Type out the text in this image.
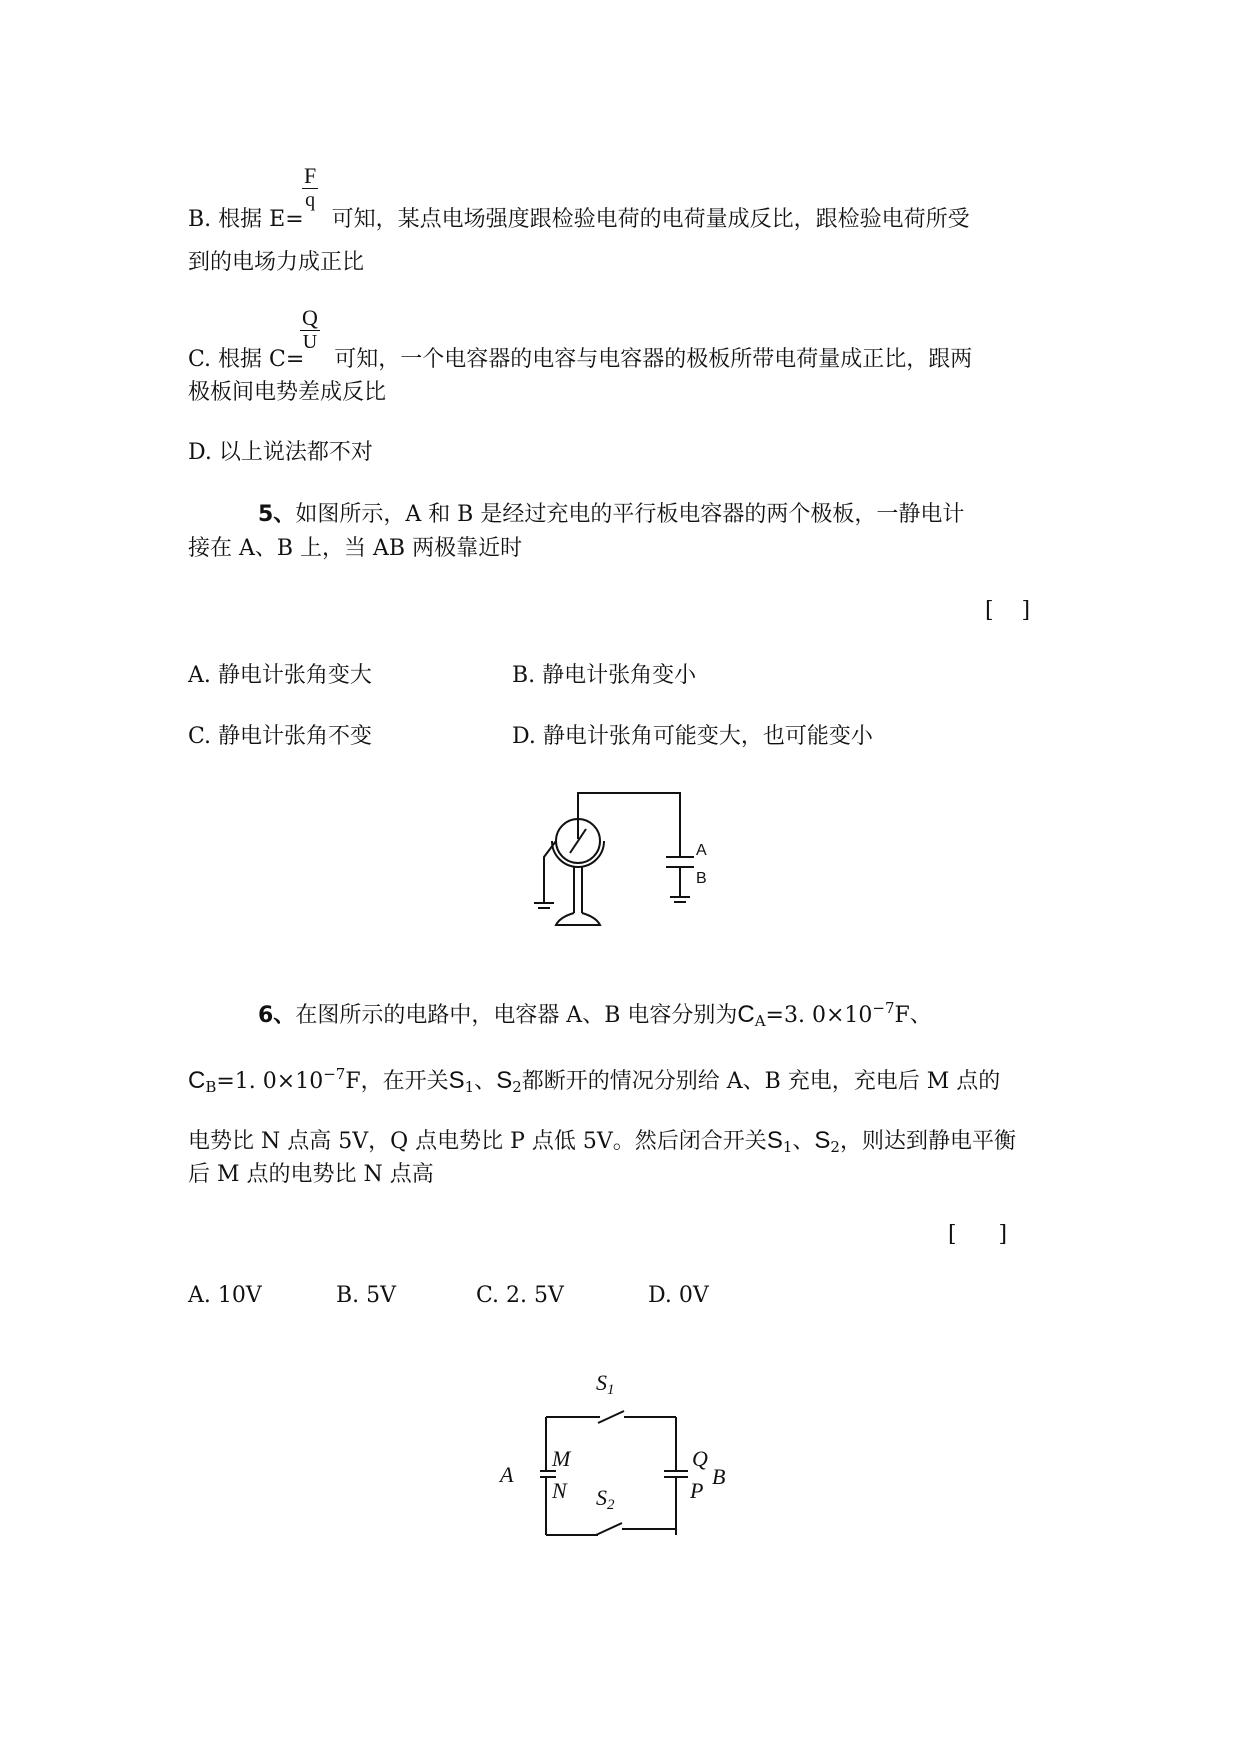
$\frac{F}{q}$
B. 根据 E= 可知，某点电场强度跟检验电荷的电荷量成反比，跟检验电荷所受
到的电场力成正比
$\frac{Q}{U}$
C. 根据 C= 可知，一个电容器的电容与电容器的极板所带电荷量成正比，跟两
极板间电势差成反比
D. 以上说法都不对
5、如图所示，A 和 B 是经过充电的平行板电容器的两个极板，一静电计
接在 A、B 上，当 AB 两极靠近时
[    ]
A. 静电计张角变大	B. 静电计张角变小
C. 静电计张角不变	D. 静电计张角可能变大，也可能变小
A
B
6、在图所示的电路中，电容器 A、B 电容分别为$C_A=3$. $0\times 10^{-7}F$、
$C_B=1$. $0\times 10^{-7}F$，在开关$S_1$、$S_2$都断开的情况分别给 A、B 充电，充电后 M 点的
电势比 N 点高 5V，Q 点电势比 P 点低 5V。然后闭合开关$S_1$、$S_2$，则达到静电平衡
后 M 点的电势比 N 点高
[      ]
A. 10V	B. 5V	C. 2. 5V	D. 0V
$S_1$
$S_2$
A
M
N
Q
P
B
